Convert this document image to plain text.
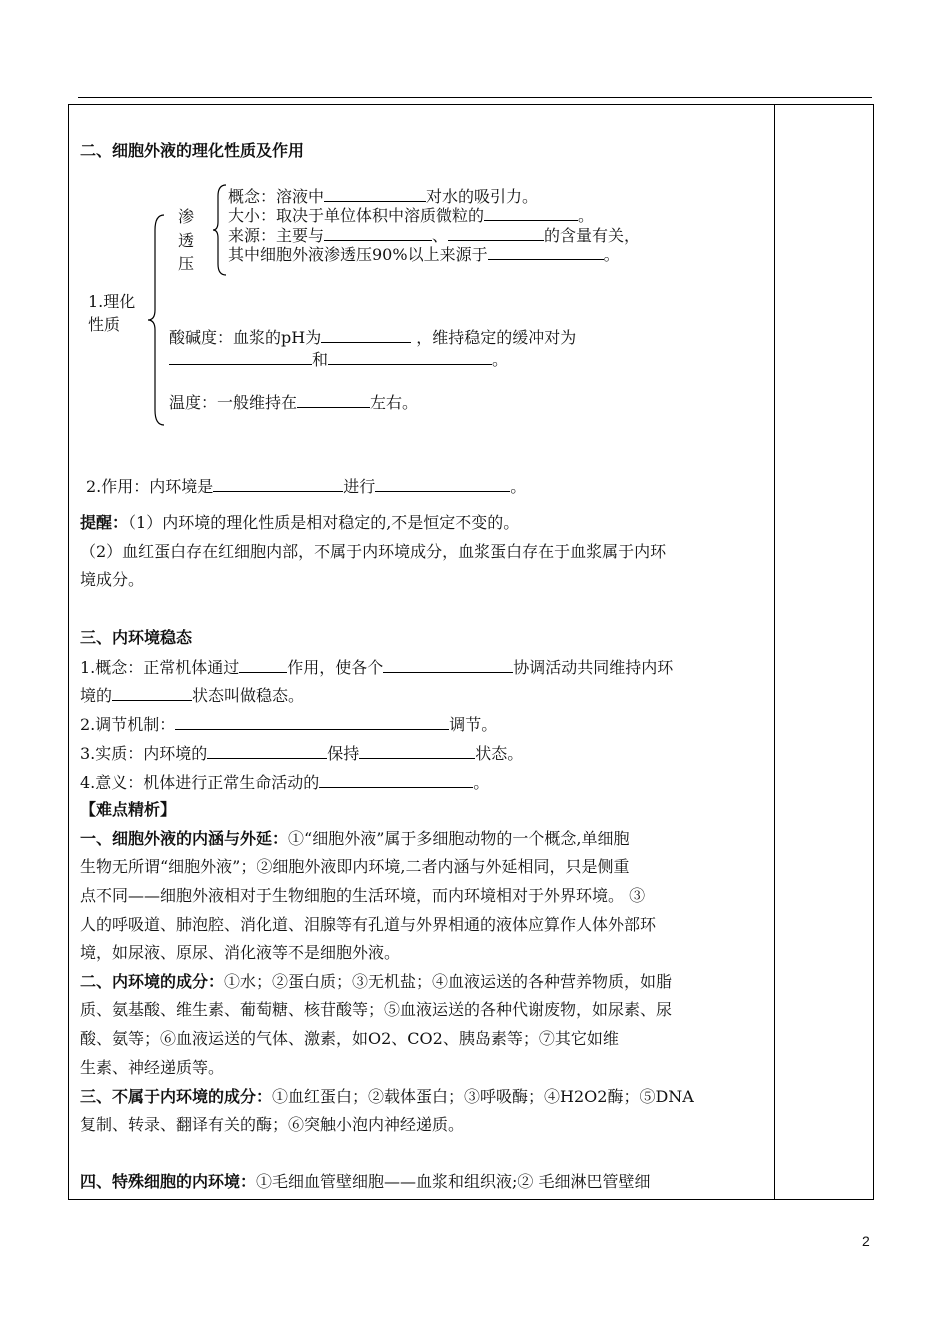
二、细胞外液的理化性质及作用
渗
透
压
概念：溶液中	对水的吸引力。
大小：取决于单位体积中溶质微粒的	。
来源：主要与	、	的含量有关，
其中细胞外液渗透压90%以上来源于	。
1.理化
性质
酸碱度：血浆的pH为	，维持稳定的缓冲对为
和	。
温度：一般维持在	左右。
2.作用：内环境是	进行	。
提醒：（1）内环境的理化性质是相对稳定的,不是恒定不变的。
（2）血红蛋白存在红细胞内部，不属于内环境成分，血浆蛋白存在于血浆属于内环
境成分。
三、内环境稳态
1.概念：正常机体通过	作用，使各个	协调活动共同维持内环
境的	状态叫做稳态。
2.调节机制：	调节。
3.实质：内环境的	保持	状态。
4.意义：机体进行正常生命活动的	。
【难点精析】
一、细胞外液的内涵与外延：①“细胞外液”属于多细胞动物的一个概念,单细胞
生物无所谓“细胞外液”；②细胞外液即内环境,二者内涵与外延相同，只是侧重
点不同——细胞外液相对于生物细胞的生活环境，而内环境相对于外界环境。 ③
人的呼吸道、肺泡腔、消化道、泪腺等有孔道与外界相通的液体应算作人体外部环
境，如尿液、原尿、消化液等不是细胞外液。
二、内环境的成分：①水；②蛋白质；③无机盐；④血液运送的各种营养物质，如脂
质、氨基酸、维生素、葡萄糖、核苷酸等；⑤血液运送的各种代谢废物，如尿素、尿
酸、氨等；⑥血液运送的气体、激素，如O2、CO2、胰岛素等；⑦其它如维
生素、神经递质等。
三、不属于内环境的成分：①血红蛋白；②载体蛋白；③呼吸酶；④H2O2酶；⑤DNA
复制、转录、翻译有关的酶；⑥突触小泡内神经递质。
四、特殊细胞的内环境：①毛细血管壁细胞——血浆和组织液;② 毛细淋巴管壁细
2
